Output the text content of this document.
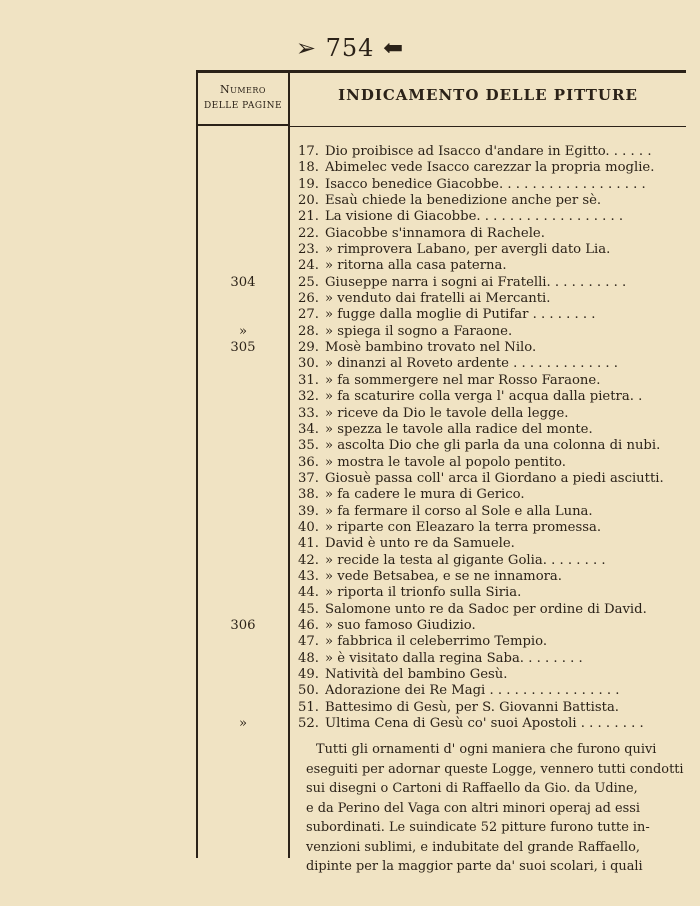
➢ 754 ⬅
Numero
DELLE PAGINE
INDICAMENTO DELLE PITTURE
17. Dio proibisce ad Isacco d'andare in Egitto. . . . . .
18. Abimelec vede Isacco carezzar la propria moglie.
19. Isacco benedice Giacobbe. . . . . . . . . . . . . . . . . .
20. Esaù chiede la benedizione anche per sè.
21. La visione di Giacobbe. . . . . . . . . . . . . . . . . .
22. Giacobbe s'innamora di Rachele.
23. » rimprovera Labano, per avergli dato Lia.
24. » ritorna alla casa paterna.
304	25. Giuseppe narra i sogni ai Fratelli. . . . . . . . . .
26. » venduto dai fratelli ai Mercanti.
27. » fugge dalla moglie di Putifar . . . . . . . .
»	28. » spiega il sogno a Faraone.
305	29. Mosè bambino trovato nel Nilo.
30. » dinanzi al Roveto ardente . . . . . . . . . . . . .
31. » fa sommergere nel mar Rosso Faraone.
32. » fa scaturire colla verga l' acqua dalla pietra. .
33. » riceve da Dio le tavole della legge.
34. » spezza le tavole alla radice del monte.
35. » ascolta Dio che gli parla da una colonna di nubi.
36. » mostra le tavole al popolo pentito.
37. Giosuè passa coll' arca il Giordano a piedi asciutti.
38. » fa cadere le mura di Gerico.
39. » fa fermare il corso al Sole e alla Luna.
40. » riparte con Eleazaro la terra promessa.
41. David è unto re da Samuele.
42. » recide la testa al gigante Golia. . . . . . . .
43. » vede Betsabea, e se ne innamora.
44. » riporta il trionfo sulla Siria.
45. Salomone unto re da Sadoc per ordine di David.
306	46. » suo famoso Giudizio.
47. » fabbrica il celeberrimo Tempio.
48. » è visitato dalla regina Saba. . . . . . . .
49. Natività del bambino Gesù.
50. Adorazione dei Re Magi . . . . . . . . . . . . . . . .
51. Battesimo di Gesù, per S. Giovanni Battista.
»	52. Ultima Cena di Gesù co' suoi Apostoli . . . . . . . .

Tutti gli ornamenti d' ogni maniera che furono quivi

eseguiti per adornar queste Logge, vennero tutti condotti

sui disegni o Cartoni di Raffaello da Gio. da Udine,

e da Perino del Vaga con altri minori operaj ad essi

subordinati. Le suindicate 52 pitture furono tutte in-

venzioni sublimi, e indubitate del grande Raffaello,

dipinte per la maggior parte da' suoi scolari, i quali
